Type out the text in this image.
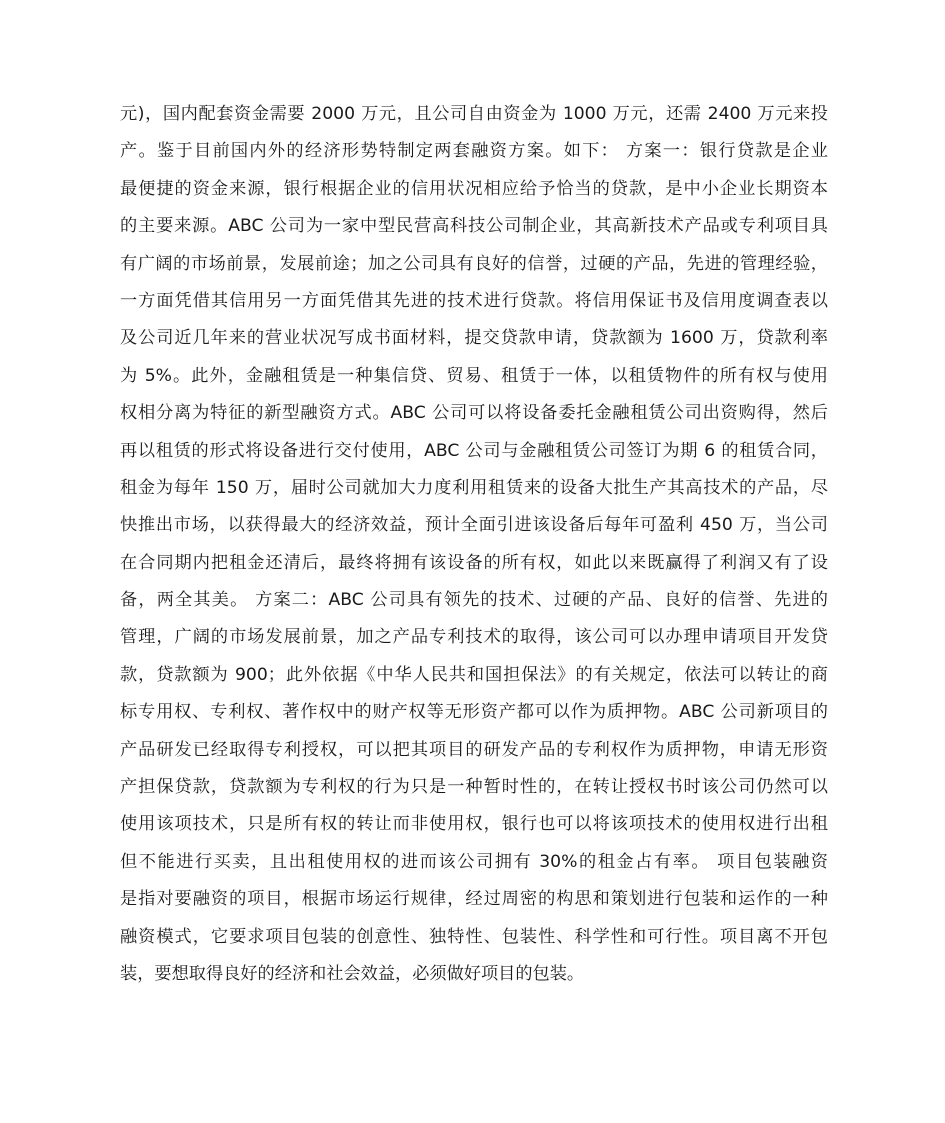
元)，国内配套资金需要 2000 万元，且公司自由资金为 1000 万元，还需 2400 万元来投
产。鉴于目前国内外的经济形势特制定两套融资方案。如下： 方案一：银行贷款是企业
最便捷的资金来源，银行根据企业的信用状况相应给予恰当的贷款，是中小企业长期资本
的主要来源。ABC 公司为一家中型民营高科技公司制企业，其高新技术产品或专利项目具
有广阔的市场前景，发展前途；加之公司具有良好的信誉，过硬的产品，先进的管理经验，
一方面凭借其信用另一方面凭借其先进的技术进行贷款。将信用保证书及信用度调查表以
及公司近几年来的营业状况写成书面材料，提交贷款申请，贷款额为 1600 万，贷款利率
为 5%。此外，金融租赁是一种集信贷、贸易、租赁于一体，以租赁物件的所有权与使用
权相分离为特征的新型融资方式。ABC 公司可以将设备委托金融租赁公司出资购得，然后
再以租赁的形式将设备进行交付使用，ABC 公司与金融租赁公司签订为期 6 的租赁合同，
租金为每年 150 万，届时公司就加大力度利用租赁来的设备大批生产其高技术的产品，尽
快推出市场，以获得最大的经济效益，预计全面引进该设备后每年可盈利 450 万，当公司
在合同期内把租金还清后，最终将拥有该设备的所有权，如此以来既赢得了利润又有了设
备，两全其美。 方案二：ABC 公司具有领先的技术、过硬的产品、良好的信誉、先进的
管理，广阔的市场发展前景，加之产品专利技术的取得，该公司可以办理申请项目开发贷
款，贷款额为 900；此外依据《中华人民共和国担保法》的有关规定，依法可以转让的商
标专用权、专利权、著作权中的财产权等无形资产都可以作为质押物。ABC 公司新项目的
产品研发已经取得专利授权，可以把其项目的研发产品的专利权作为质押物，申请无形资
产担保贷款，贷款额为专利权的行为只是一种暂时性的，在转让授权书时该公司仍然可以
使用该项技术，只是所有权的转让而非使用权，银行也可以将该项技术的使用权进行出租
但不能进行买卖，且出租使用权的进而该公司拥有 30%的租金占有率。 项目包装融资
是指对要融资的项目，根据市场运行规律，经过周密的构思和策划进行包装和运作的一种
融资模式，它要求项目包装的创意性、独特性、包装性、科学性和可行性。项目离不开包
装，要想取得良好的经济和社会效益，必须做好项目的包装。
